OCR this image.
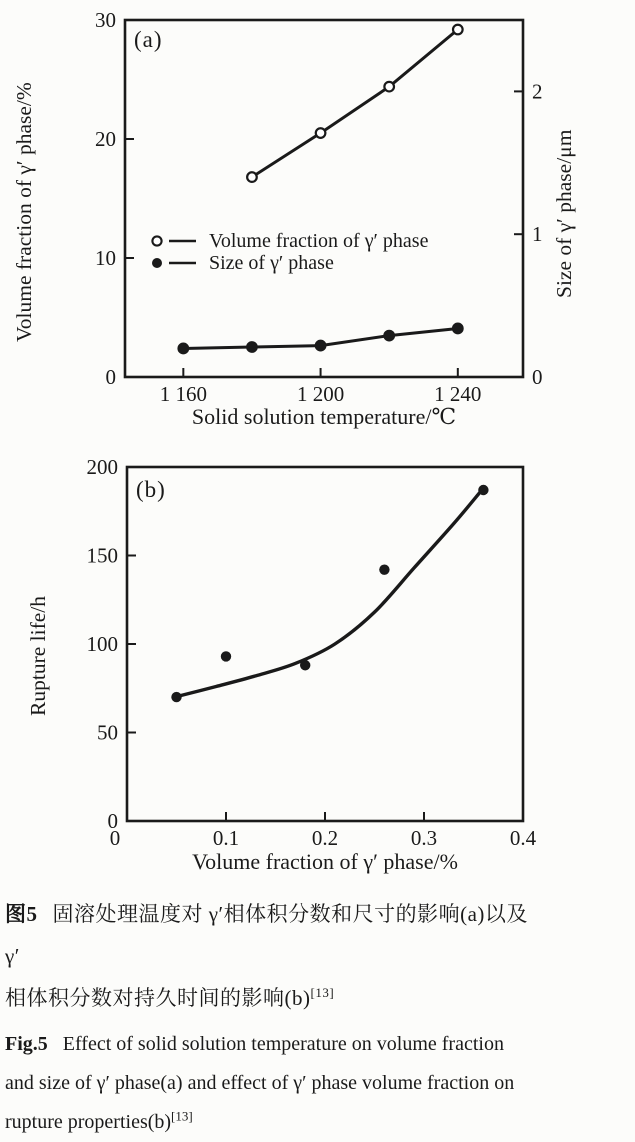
1 160	1 200	1 240
0
10
20
30
0
1
2
0	0.1	0.2	0.3	0.4
0
50
100
150
200
(a)
Volume fraction of γ′ phase/%	Size of γ′ phase/μm
Solid solution temperature/℃
Volume fraction of γ′ phase
Size of γ′ phase
(b)
Rupture life/h
Volume fraction of γ′ phase/%
图5 固溶处理温度对 γ′相体积分数和尺寸的影响(a)以及 γ′
相体积分数对持久时间的影响(b)[13]
Fig.5 Effect of solid solution temperature on volume fraction
and size of γ′ phase(a) and effect of γ′ phase volume fraction on
rupture properties(b)[13]
